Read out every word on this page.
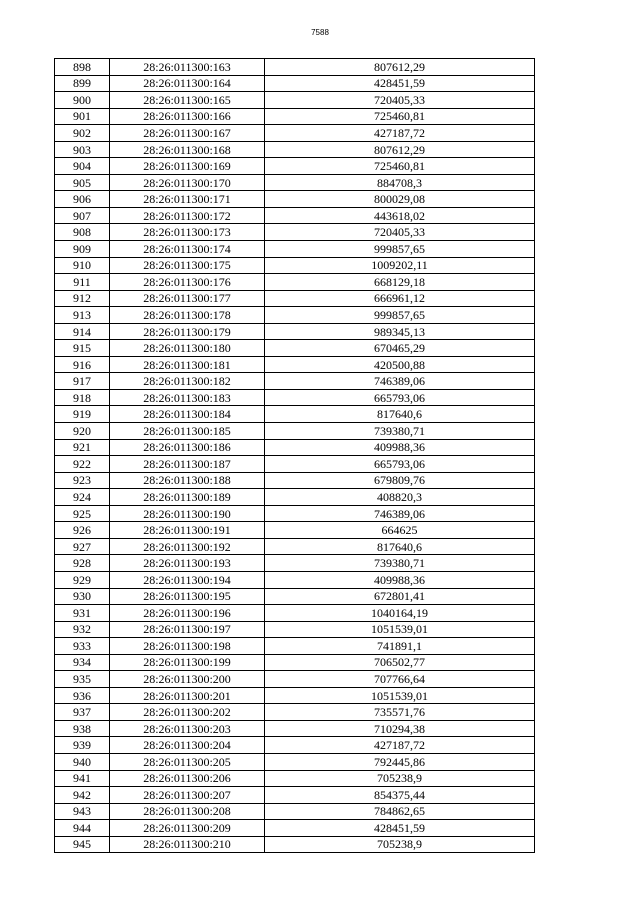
7588
898	28:26:011300:163	807612,29
899	28:26:011300:164	428451,59
900	28:26:011300:165	720405,33
901	28:26:011300:166	725460,81
902	28:26:011300:167	427187,72
903	28:26:011300:168	807612,29
904	28:26:011300:169	725460,81
905	28:26:011300:170	884708,3
906	28:26:011300:171	800029,08
907	28:26:011300:172	443618,02
908	28:26:011300:173	720405,33
909	28:26:011300:174	999857,65
910	28:26:011300:175	1009202,11
911	28:26:011300:176	668129,18
912	28:26:011300:177	666961,12
913	28:26:011300:178	999857,65
914	28:26:011300:179	989345,13
915	28:26:011300:180	670465,29
916	28:26:011300:181	420500,88
917	28:26:011300:182	746389,06
918	28:26:011300:183	665793,06
919	28:26:011300:184	817640,6
920	28:26:011300:185	739380,71
921	28:26:011300:186	409988,36
922	28:26:011300:187	665793,06
923	28:26:011300:188	679809,76
924	28:26:011300:189	408820,3
925	28:26:011300:190	746389,06
926	28:26:011300:191	664625
927	28:26:011300:192	817640,6
928	28:26:011300:193	739380,71
929	28:26:011300:194	409988,36
930	28:26:011300:195	672801,41
931	28:26:011300:196	1040164,19
932	28:26:011300:197	1051539,01
933	28:26:011300:198	741891,1
934	28:26:011300:199	706502,77
935	28:26:011300:200	707766,64
936	28:26:011300:201	1051539,01
937	28:26:011300:202	735571,76
938	28:26:011300:203	710294,38
939	28:26:011300:204	427187,72
940	28:26:011300:205	792445,86
941	28:26:011300:206	705238,9
942	28:26:011300:207	854375,44
943	28:26:011300:208	784862,65
944	28:26:011300:209	428451,59
945	28:26:011300:210	705238,9
